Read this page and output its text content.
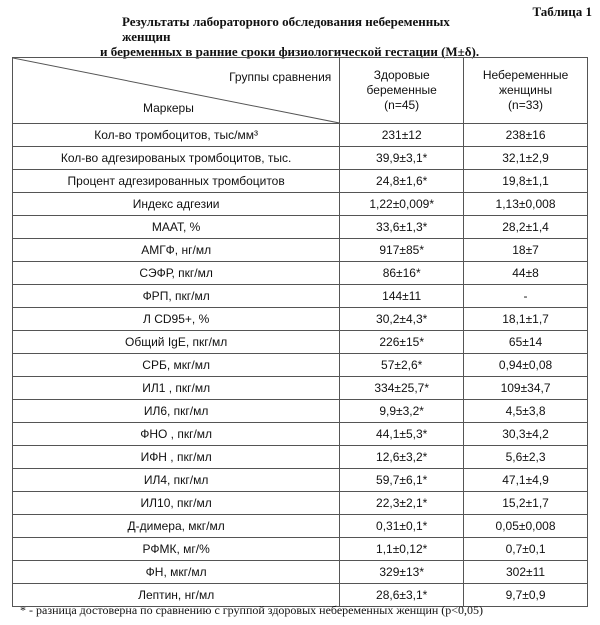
Таблица 1
Результаты лабораторного обследования небеременных женщин
и беременных в ранние сроки физиологической гестации (М±δ).
Группы сравнения
Маркеры	Здоровые
беременные
(n=45)	Небеременные
женщины
(n=33)

Кол-во тромбоцитов, тыс/мм³	231±12	238±16
Кол-во адгезированых тромбоцитов, тыс.	39,9±3,1*	32,1±2,9
Процент адгезированных тромбоцитов	24,8±1,6*	19,8±1,1
Индекс адгезии	1,22±0,009*	1,13±0,008
МААТ, %	33,6±1,3*	28,2±1,4
АМГФ, нг/мл	917±85*	18±7
СЭФР, пкг/мл	86±16*	44±8
ФРП, пкг/мл	144±11	-
Л CD95+, %	30,2±4,3*	18,1±1,7
Общий IgE, пкг/мл	226±15*	65±14
СРБ, мкг/мл	57±2,6*	0,94±0,08
ИЛ1 , пкг/мл	334±25,7*	109±34,7
ИЛ6, пкг/мл	9,9±3,2*	4,5±3,8
ФНО , пкг/мл	44,1±5,3*	30,3±4,2
ИФН , пкг/мл	12,6±3,2*	5,6±2,3
ИЛ4, пкг/мл	59,7±6,1*	47,1±4,9
ИЛ10, пкг/мл	22,3±2,1*	15,2±1,7
Д-димера, мкг/мл	0,31±0,1*	0,05±0,008
РФМК, мг/%	1,1±0,12*	0,7±0,1
ФН, мкг/мл	329±13*	302±11
Лептин, нг/мл	28,6±3,1*	9,7±0,9
* - разница достоверна по сравнению с группой здоровых небеременных женщин (р<0,05)
